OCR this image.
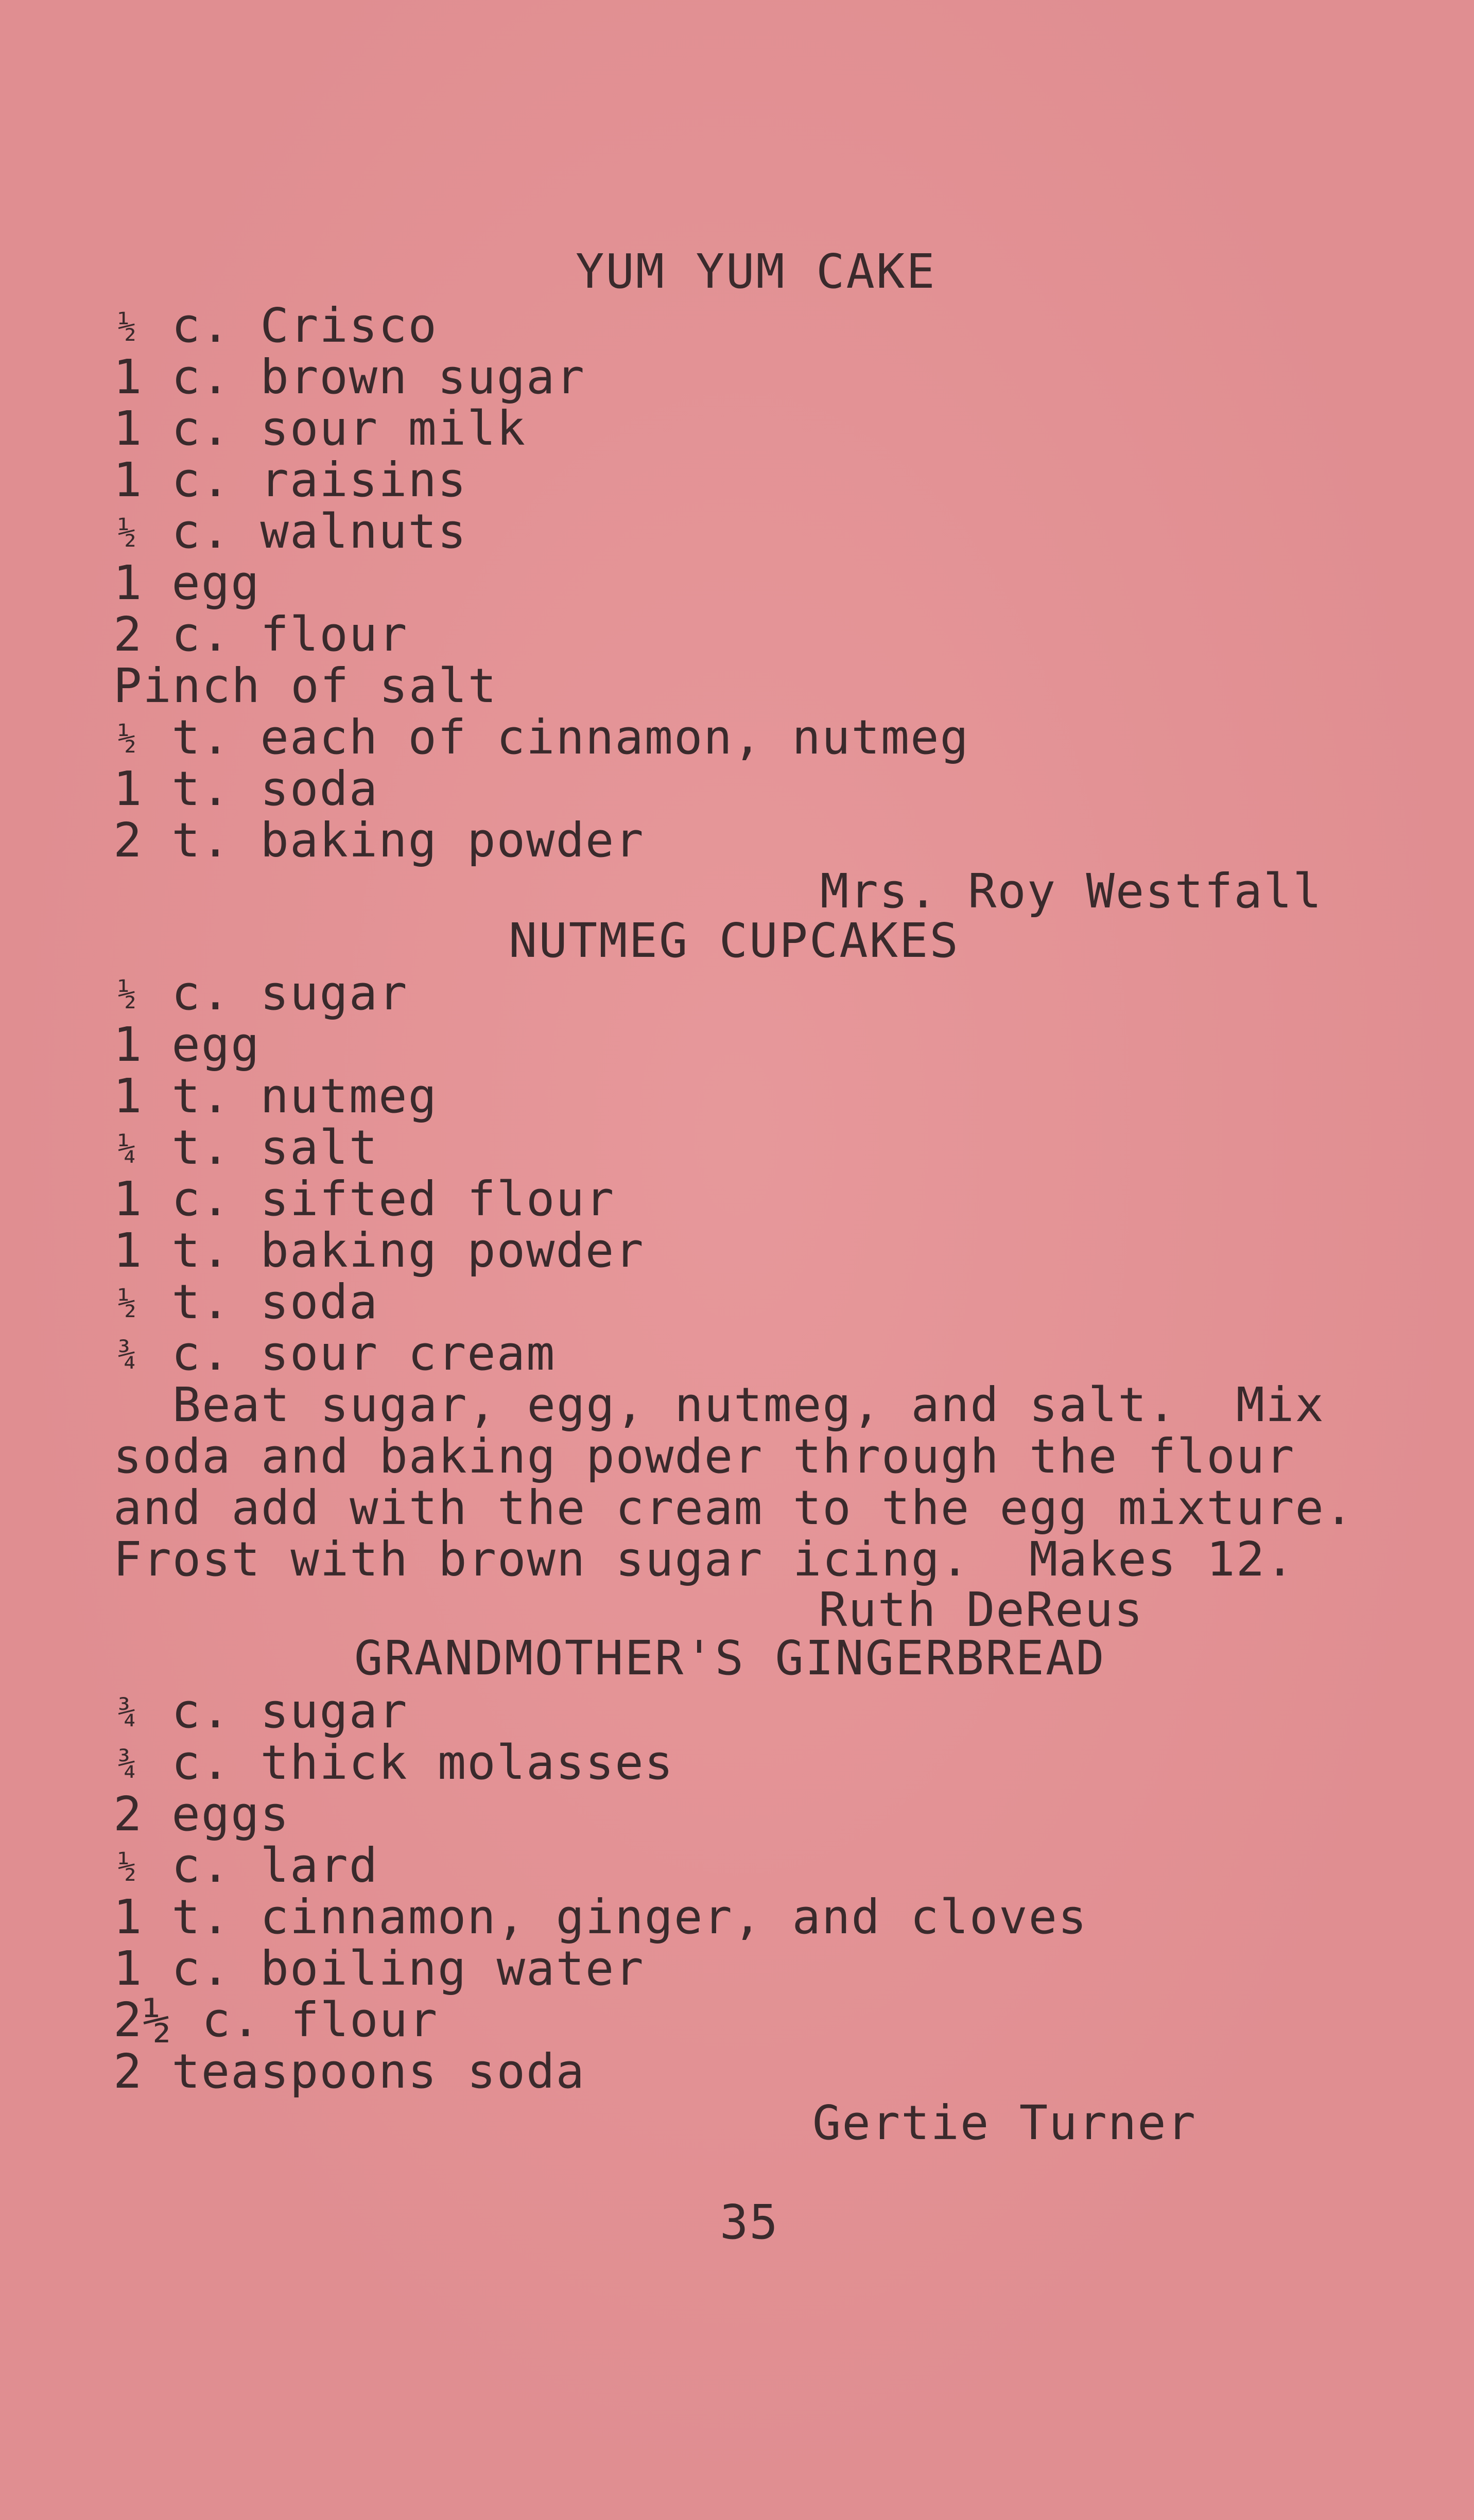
YUM YUM CAKE
½ c. Crisco
1 c. brown sugar
1 c. sour milk
1 c. raisins
½ c. walnuts
1 egg
2 c. flour
Pinch of salt
½ t. each of cinnamon, nutmeg
1 t. soda
2 t. baking powder
Mrs. Roy Westfall
NUTMEG CUPCAKES
½ c. sugar
1 egg
1 t. nutmeg
¼ t. salt
1 c. sifted flour
1 t. baking powder
½ t. soda
¾ c. sour cream
Beat sugar, egg, nutmeg, and salt.  Mix
soda and baking powder through the flour
and add with the cream to the egg mixture.
Frost with brown sugar icing.  Makes 12.
Ruth DeReus
GRANDMOTHER'S GINGERBREAD
¾ c. sugar
¾ c. thick molasses
2 eggs
½ c. lard
1 t. cinnamon, ginger, and cloves
1 c. boiling water
2½ c. flour
2 teaspoons soda
Gertie Turner
35
